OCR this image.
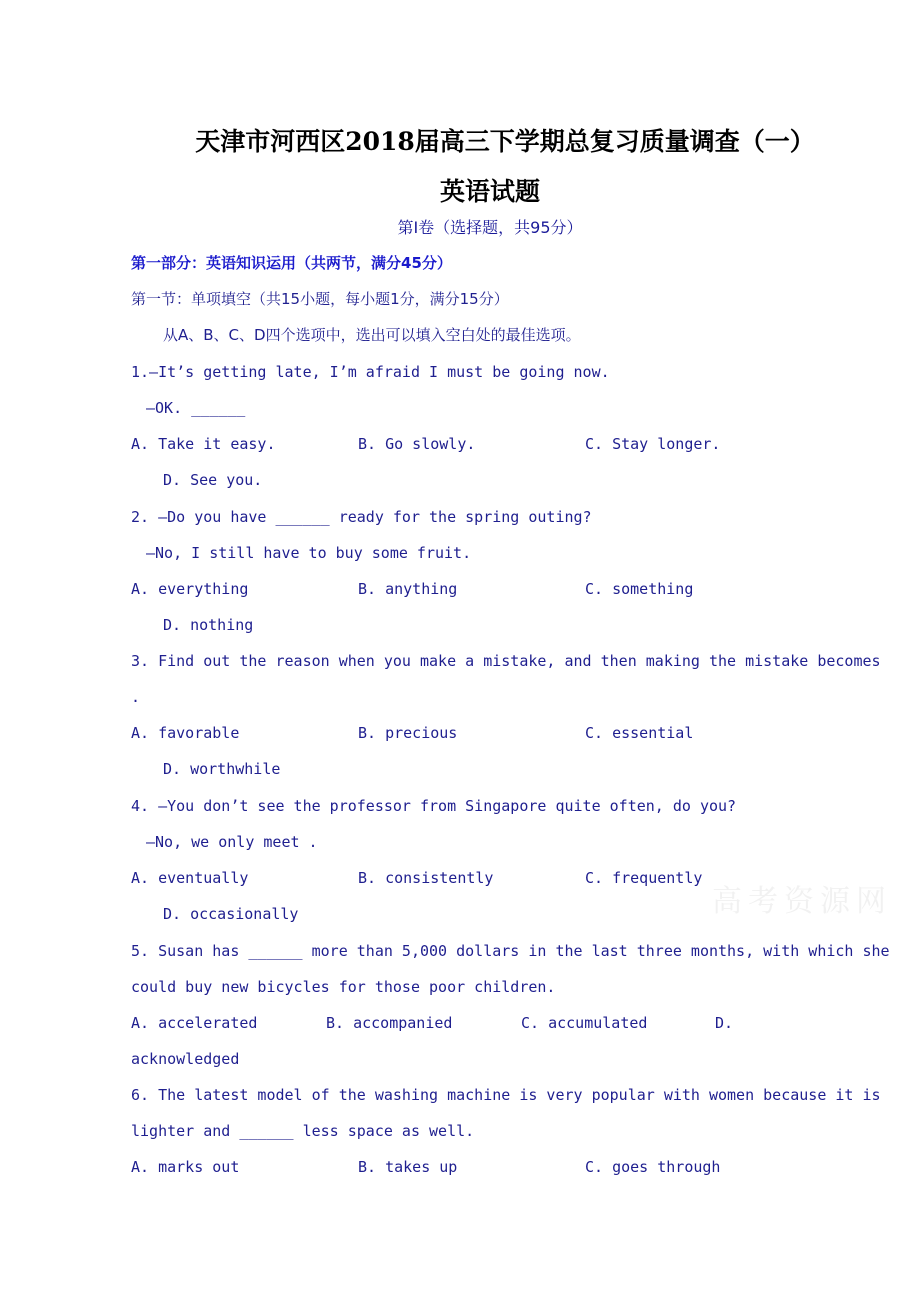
天津市河西区2018届高三下学期总复习质量调查（一）
英语试题
第Ⅰ卷（选择题，共95分）
第一部分：英语知识运用（共两节，满分45分）
第一节：单项填空（共15小题，每小题1分，满分15分）
从A、B、C、D四个选项中，选出可以填入空白处的最佳选项。
1.—It’s getting late, I’m afraid I must be going now.
—OK. ______
A. Take it easy.	B. Go slowly.	C. Stay longer.
D. See you.
2. —Do you have ______ ready for the spring outing?
—No, I still have to buy some fruit.
A. everything	B. anything	C. something
D. nothing
3. Find out the reason when you make a mistake, and then making the mistake becomes
.
A. favorable	B. precious	C. essential
D. worthwhile
4. —You don’t see the professor from Singapore quite often, do you?
—No, we only meet .
A. eventually	B. consistently	C. frequently
D. occasionally	高考资源网
5. Susan has ______ more than 5,000 dollars in the last three months, with which she
could buy new bicycles for those poor children.
A. accelerated	B. accompanied	C. accumulated	D.
acknowledged
6. The latest model of the washing machine is very popular with women because it is
lighter and ______ less space as well.
A. marks out	B. takes up	C. goes through
